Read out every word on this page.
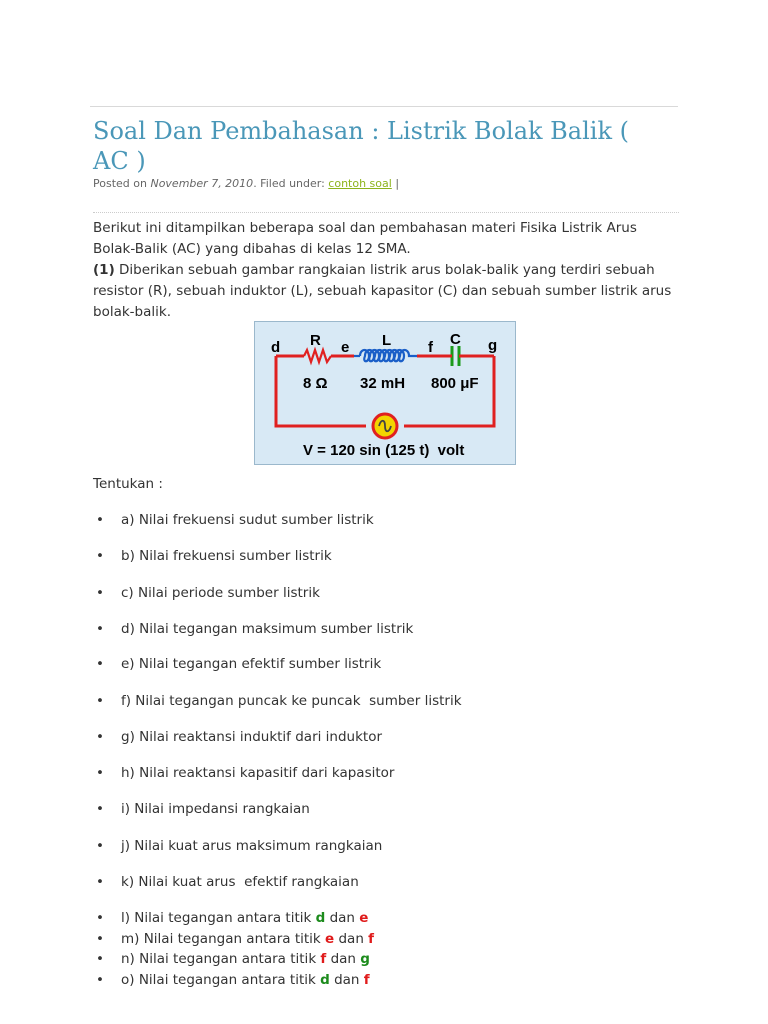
Soal Dan Pembahasan : Listrik Bolak Balik ( AC )
Posted on November 7, 2010. Filed under: contoh soal |

Berikut ini ditampilkan beberapa soal dan pembahasan materi Fisika Listrik Arus Bolak-Balik (AC) yang dibahas di kelas 12 SMA.

(1) Diberikan sebuah gambar rangkaian listrik arus bolak-balik yang terdiri sebuah resistor (R), sebuah induktor (L), sebuah kapasitor (C) dan sebuah sumber listrik arus bolak-balik.

d	e	f	g
R	L	C
8 Ω 32 mH 800 μF
V = 120 sin (125 t)  volt
Tentukan :
• a) Nilai frekuensi sudut sumber listrik
• b) Nilai frekuensi sumber listrik
• c) Nilai periode sumber listrik
• d) Nilai tegangan maksimum sumber listrik
• e) Nilai tegangan efektif sumber listrik
• f) Nilai tegangan puncak ke puncak  sumber listrik
• g) Nilai reaktansi induktif dari induktor
• h) Nilai reaktansi kapasitif dari kapasitor
• i) Nilai impedansi rangkaian
• j) Nilai kuat arus maksimum rangkaian
• k) Nilai kuat arus  efektif rangkaian
• l) Nilai tegangan antara titik d dan e
• m) Nilai tegangan antara titik e dan f
• n) Nilai tegangan antara titik f dan g
• o) Nilai tegangan antara titik d dan f
